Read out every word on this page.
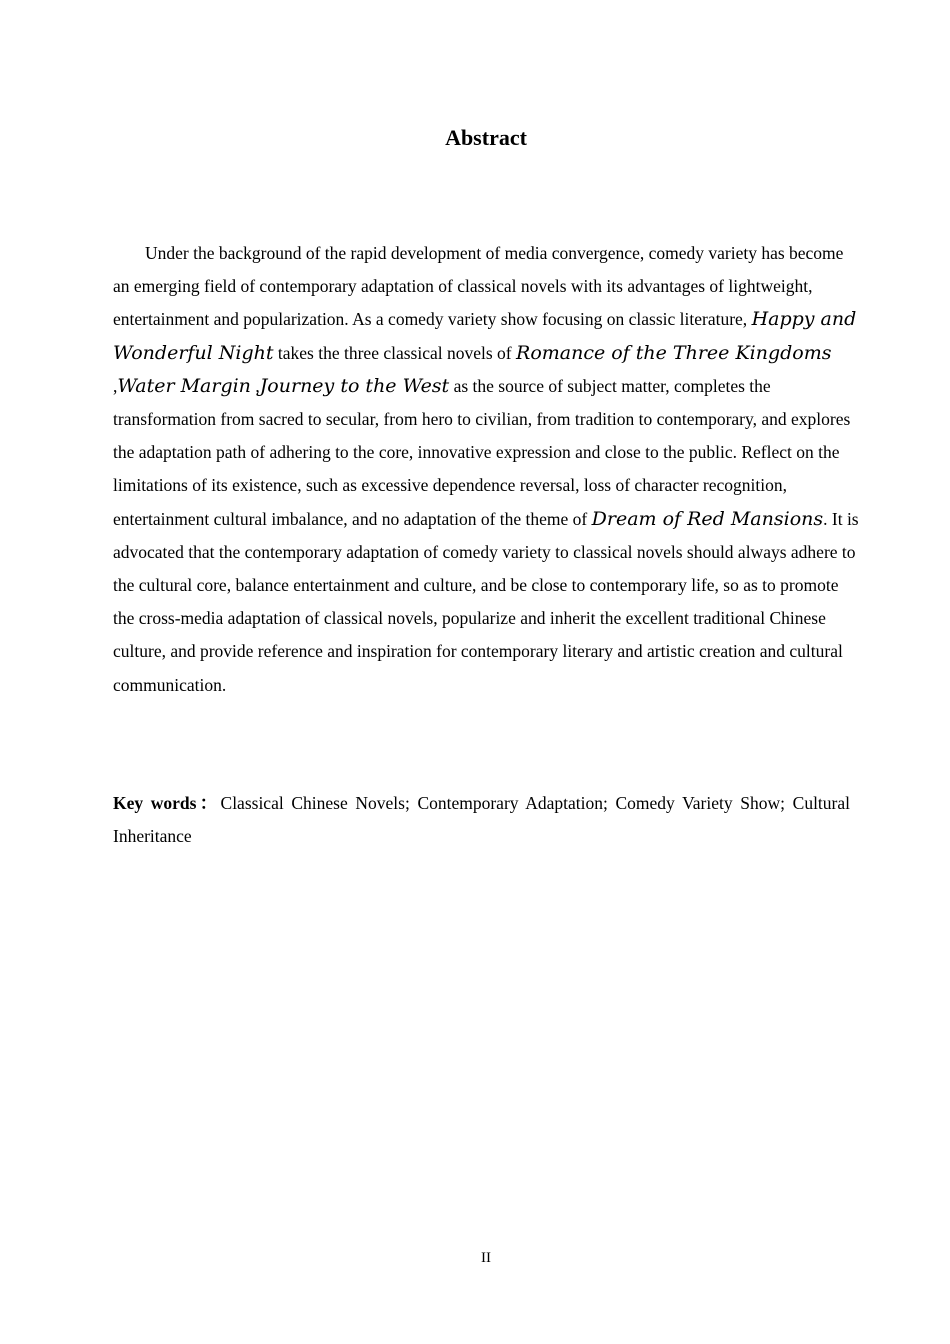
Abstract

Under the background of the rapid development of media convergence, comedy variety has become an emerging field of contemporary adaptation of classical novels with its advantages of lightweight, entertainment and popularization. As a comedy variety show focusing on classic literature, Happy and Wonderful Night takes the three classical novels of Romance of the Three Kingdoms ,Water Margin ,Journey to the West as the source of subject matter, completes the transformation from sacred to secular, from hero to civilian, from tradition to contemporary, and explores the adaptation path of adhering to the core, innovative expression and close to the public. Reflect on the limitations of its existence, such as excessive dependence reversal, loss of character recognition, entertainment cultural imbalance, and no adaptation of the theme of Dream of Red Mansions. It is advocated that the contemporary adaptation of comedy variety to classical novels should always adhere to the cultural core, balance entertainment and culture, and be close to contemporary life, so as to promote the cross-media adaptation of classical novels, popularize and inherit the excellent traditional Chinese culture, and provide reference and inspiration for contemporary literary and artistic creation and cultural communication.

Key words：Classical Chinese Novels; Contemporary Adaptation; Comedy Variety Show; Cultural Inheritance
II
